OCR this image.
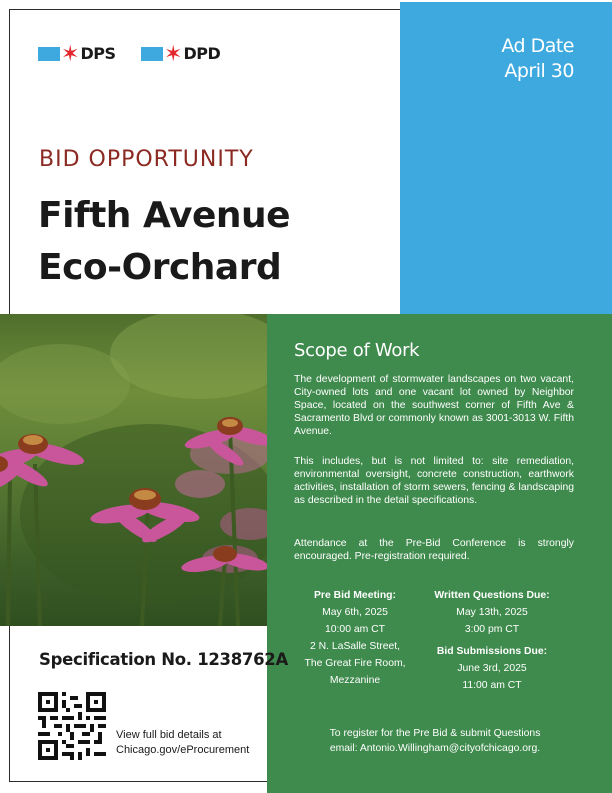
Ad Date
April 30
✶ DPS ✶ DPD
BID OPPORTUNITY
Fifth Avenue
Eco-Orchard
Scope of Work

The development of stormwater landscapes on two vacant, City-owned lots and one vacant lot owned by Neighbor Space, located on the southwest corner of Fifth Ave & Sacramento Blvd or commonly known as 3001-3013 W. Fifth Avenue.

This includes, but is not limited to: site remediation, environmental oversight, concrete construction, earthwork activities, installation of storm sewers, fencing & landscaping as described in the detail specifications.

Attendance at the Pre-Bid Conference is strongly encouraged. Pre-registration required.

Pre Bid Meeting:
May 6th, 2025
10:00 am CT
2 N. LaSalle Street,
The Great Fire Room,
Mezzanine
Written Questions Due:
May 13th, 2025
3:00 pm CT
Bid Submissions Due:
June 3rd, 2025
11:00 am CT
To register for the Pre Bid & submit Questions
email: Antonio.Willingham@cityofchicago.org.
Specification No. 1238762A
View full bid details at
Chicago.gov/eProcurement
